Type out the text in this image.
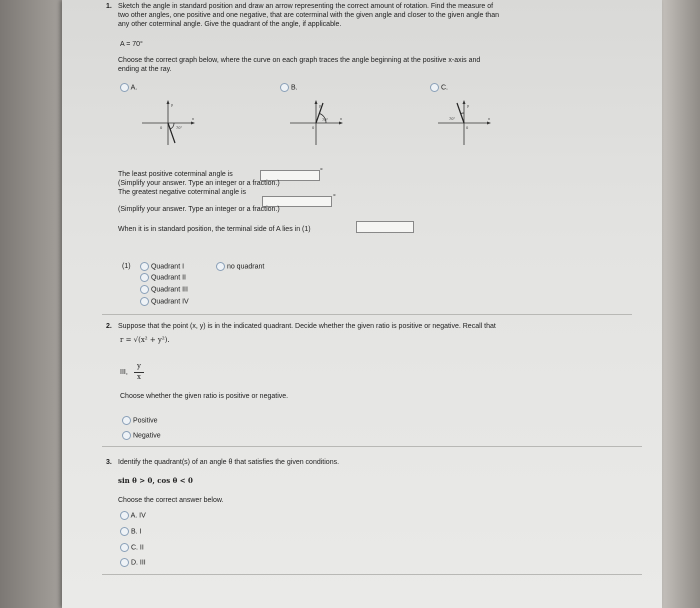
1. Sketch the angle in standard position and draw an arrow representing the correct amount of rotation. Find the measure of
two other angles, one positive and one negative, that are coterminal with the given angle and closer to the given angle than
any other coterminal angle. Give the quadrant of the angle, if applicable.
A = 70°
Choose the correct graph below, where the curve on each graph traces the angle beginning at the positive x-axis and
ending at the ray.
A.	B.	C.
y
x
0	70°
y
x
0
70°
y
x
0
70°
The least positive coterminal angle is	°
(Simplify your answer. Type an integer or a fraction.)
The greatest negative coterminal angle is
°
(Simplify your answer. Type an integer or a fraction.)
When it is in standard position, the terminal side of A lies in (1)
(1)	Quadrant I	no quadrant
Quadrant II
Quadrant III
Quadrant IV
2. Suppose that the point (x, y) is in the indicated quadrant. Decide whether the given ratio is positive or negative. Recall that
r = √(x² + y²).
III,
y
x
Choose whether the given ratio is positive or negative.
Positive
Negative
3. Identify the quadrant(s) of an angle θ that satisfies the given conditions.
sin θ > 0, cos θ < 0
Choose the correct answer below.
A. IV
B. I
C. II
D. III
